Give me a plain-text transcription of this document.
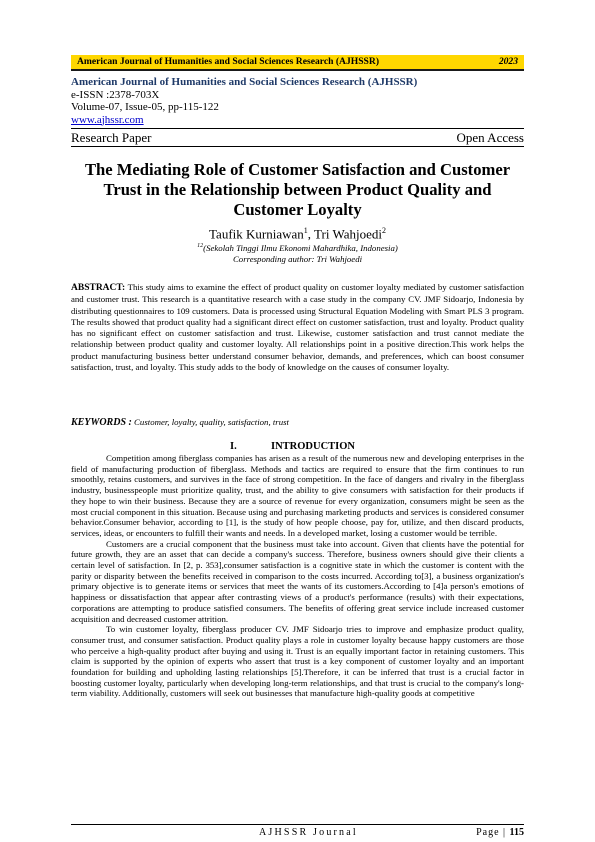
American Journal of Humanities and Social Sciences Research (AJHSSR)	2023
American Journal of Humanities and Social Sciences Research (AJHSSR)
e-ISSN :2378-703X
Volume-07, Issue-05, pp-115-122
www.ajhssr.com
Research Paper	Open Access
The Mediating Role of Customer Satisfaction and Customer Trust in the Relationship between Product Quality and Customer Loyalty
Taufik Kurniawan$^1$, Tri Wahjoedi$^2$
$^{12}$(Sekolah Tinggi Ilmu Ekonomi Mahardhika, Indonesia)
Corresponding author: Tri Wahjoedi
ABSTRACT: This study aims to examine the effect of product quality on customer loyalty mediated by customer satisfaction and customer trust. This research is a quantitative research with a case study in the company CV. JMF Sidoarjo, Indonesia by distributing questionnaires to 109 customers. Data is processed using Structural Equation Modeling with Smart PLS 3 program. The results showed that product quality had a significant direct effect on customer satisfaction, trust and loyalty. Product quality has no significant effect on customer satisfaction and trust. Likewise, customer satisfaction and trust cannot mediate the relationship between product quality and customer loyalty. All relationships point in a positive direction.This work helps the product manufacturing business better understand consumer behavior, demands, and preferences, which can boost consumer satisfaction, trust, and loyalty. This study adds to the body of knowledge on the causes of consumer loyalty.
KEYWORDS : Customer, loyalty, quality, satisfaction, trust
I.	INTRODUCTION

Competition among fiberglass companies has arisen as a result of the numerous new and developing enterprises in the field of manufacturing production of fiberglass. Methods and tactics are required to ensure that the firm continues to run smoothly, retains customers, and survives in the face of strong competition. In the face of dangers and rivalry in the fiberglass industry, businesspeople must prioritize quality, trust, and the ability to give consumers with satisfaction for their products if they hope to win their business. Because they are a source of revenue for every organization, consumers might be seen as the most crucial component in this situation. Because using and purchasing marketing products and services is considered consumer behavior.Consumer behavior, according to [1], is the study of how people choose, pay for, utilize, and then discard products, services, ideas, or encounters to fulfill their wants and needs. In a developed market, losing a customer would be terrible.

Customers are a crucial component that the business must take into account. Given that clients have the potential for future growth, they are an asset that can decide a company's success. Therefore, business owners should give their clients a certain level of satisfaction. In [2, p. 353],consumer satisfaction is a cognitive state in which the customer is content with the parity or disparity between the benefits received in comparison to the costs incurred. According to[3], a business organization's primary objective is to generate items or services that meet the wants of its customers.According to [4]a person's emotions of happiness or dissatisfaction that appear after contrasting views of a product's performance (results) with their expectations, corporations are attempting to produce satisfied consumers. The benefits of offering great service include increased customer acquisition and decreased customer attrition.

To win customer loyalty, fiberglass producer CV. JMF Sidoarjo tries to improve and emphasize product quality, consumer trust, and consumer satisfaction. Product quality plays a role in customer loyalty because happy customers are those who perceive a high-quality product after buying and using it. Trust is an equally important factor in retaining customers. This claim is supported by the opinion of experts who assert that trust is a key component of customer loyalty and an important foundation for building and upholding lasting relationships [5].Therefore, it can be inferred that trust is a crucial factor in boosting customer loyalty, particularly when developing long-term relationships, and that trust is crucial to the company's long-term viability. Additionally, customers will seek out businesses that manufacture high-quality goods at competitive

AJHSSR Journal	Page | 115
